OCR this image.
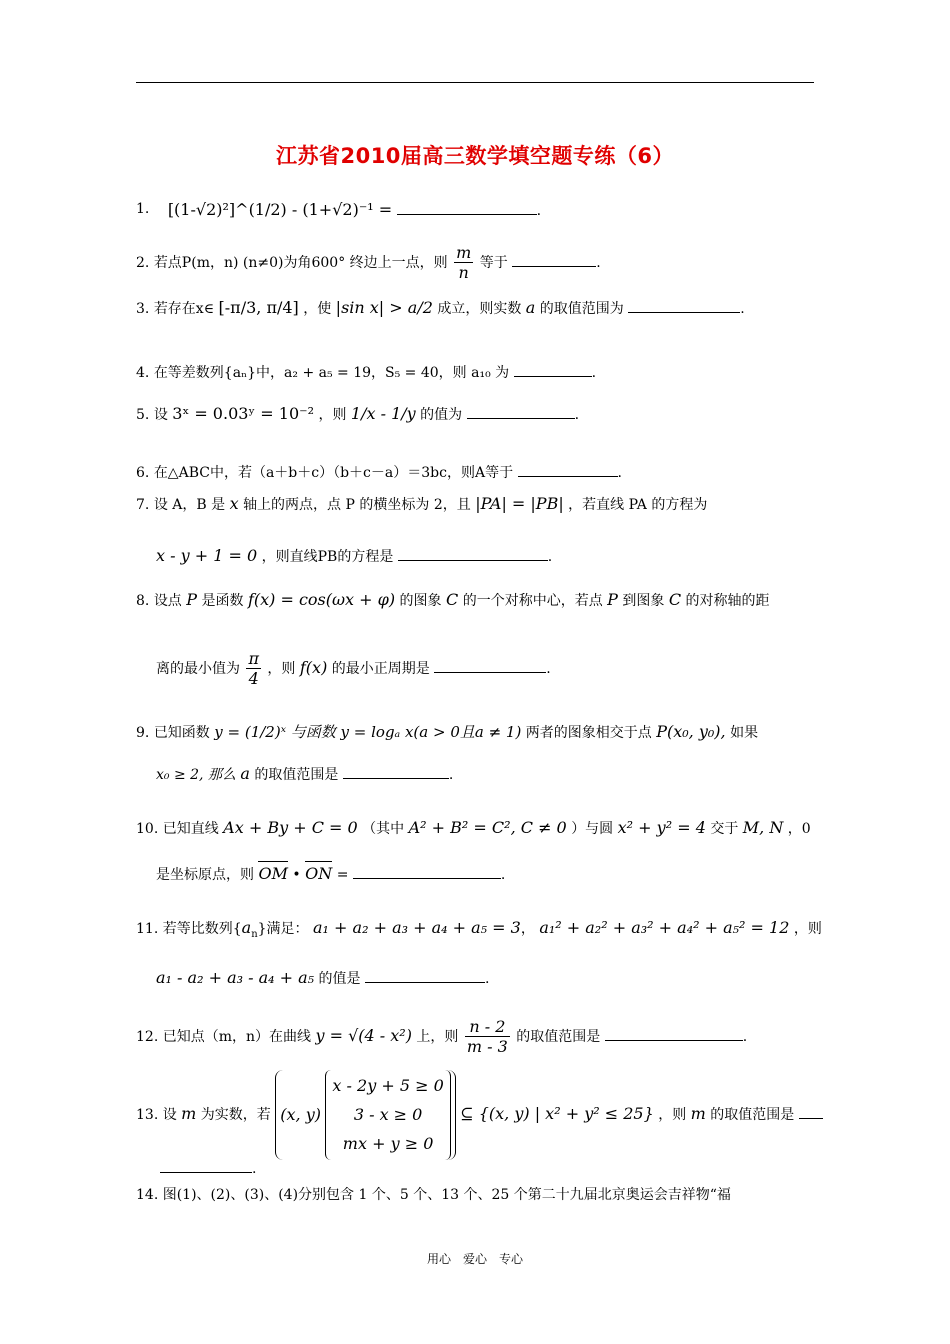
江苏省2010届高三数学填空题专练（6）
1. [(1-√2)²]^(1/2) - (1+√2)⁻¹ =	.
2. 若点P(m，n) (n≠0)为角600° 终边上一点，则 $\frac{m}{n}$ 等于	.
3. 若存在x∈ [-π/3, π/4] ，使 |sin x| > a/2 成立，则实数 a 的取值范围为	.
4. 在等差数列{aₙ}中，a₂ + a₅ = 19，S₅ = 40，则 a₁₀ 为	.
5. 设 3ˣ = 0.03ʸ = 10⁻² ，则 1/x - 1/y 的值为	.
6. 在△ABC中，若（a＋b＋c）（b＋c－a）＝3bc，则A等于	.
7. 设 A，B 是 x 轴上的两点，点 P 的横坐标为 2，且 |PA| = |PB| ，若直线 PA 的方程为
x - y + 1 = 0 ，则直线PB的方程是	.
8. 设点 P 是函数 f(x) = cos(ωx + φ) 的图象 C 的一个对称中心，若点 P 到图象 C 的对称轴的距
离的最小值为 $\frac{\pi}{4}$ ，则 f(x) 的最小正周期是	.
9. 已知函数 y = (1/2)ˣ 与函数 y = logₐ x(a > 0且a ≠ 1) 两者的图象相交于点 P(x₀, y₀), 如果
x₀ ≥ 2, 那么 a 的取值范围是	.
10. 已知直线 Ax + By + C = 0 （其中 A² + B² = C², C ≠ 0 ）与圆 x² + y² = 4 交于 M, N ，0
是坐标原点，则 OM • ON =	.
11. 若等比数列$\{a_n\}$满足： a₁ + a₂ + a₃ + a₄ + a₅ = 3， a₁² + a₂² + a₃² + a₄² + a₅² = 12 ，则
a₁ - a₂ + a₃ - a₄ + a₅ 的值是	.
12. 已知点（m，n）在曲线 y = √(4 - x²) 上，则 $\frac{n - 2}{m - 3}$ 的取值范围是	.
13. 设 m 为实数，若 (x, y)
x - 2y + 5 ≥ 0
3 - x ≥ 0
mx + y ≥ 0
⊆ {(x, y) | x² + y² ≤ 25} ，则 m 的取值范围是
.
14. 图(1)、(2)、(3)、(4)分别包含 1 个、5 个、13 个、25 个第二十九届北京奥运会吉祥物“福
用心　爱心　专心
